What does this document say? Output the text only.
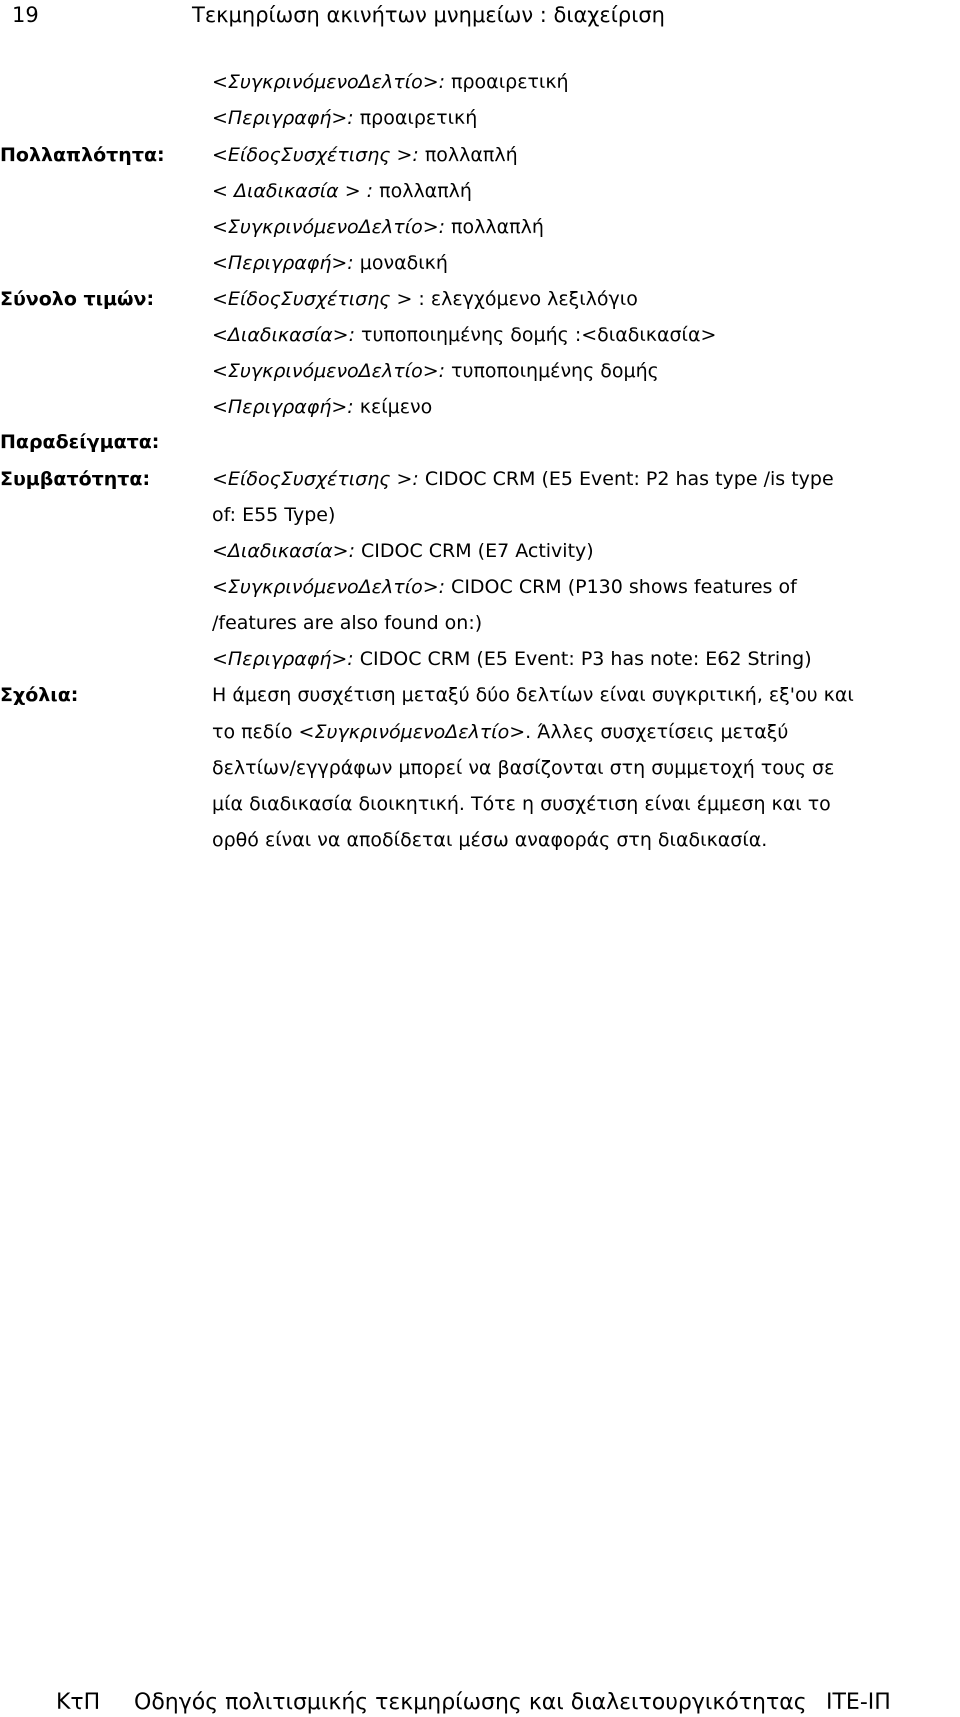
19	Τεκμηρίωση ακινήτων μνημείων : διαχείριση
Πολλαπλότητα:
Σύνολο τιμών:
Παραδείγματα:
Συμβατότητα:
Σχόλια:

<ΣυγκρινόμενοΔελτίο>: προαιρετική

<Περιγραφή>: προαιρετική

<ΕίδοςΣυσχέτισης >: πολλαπλή

< Διαδικασία > : πολλαπλή

<ΣυγκρινόμενοΔελτίο>: πολλαπλή

<Περιγραφή>: μοναδική

<ΕίδοςΣυσχέτισης > : ελεγχόμενο λεξιλόγιο

<Διαδικασία>: τυποποιημένης δομής :<διαδικασία>

<ΣυγκρινόμενοΔελτίο>: τυποποιημένης δομής

<Περιγραφή>: κείμενο

<ΕίδοςΣυσχέτισης >: CIDOC CRM (E5 Event: P2 has type /is type

of: E55 Type)

<Διαδικασία>: CIDOC CRM (E7 Activity)

<ΣυγκρινόμενοΔελτίο>: CIDOC CRM (P130 shows features of

/features are also found on:)

<Περιγραφή>: CIDOC CRM (E5 Event: P3 has note: E62 String)

Η άμεση συσχέτιση μεταξύ δύο δελτίων είναι συγκριτική, εξ'ου και

το πεδίο <ΣυγκρινόμενοΔελτίο>. Άλλες συσχετίσεις μεταξύ

δελτίων/εγγράφων μπορεί να βασίζονται στη συμμετοχή τους σε

μία διαδικασία διοικητική. Τότε η συσχέτιση είναι έμμεση και το

ορθό είναι να αποδίδεται μέσω αναφοράς στη διαδικασία.

ΚτΠ Οδηγός πολιτισμικής τεκμηρίωσης και διαλειτουργικότητας ΙΤΕ-ΙΠ
